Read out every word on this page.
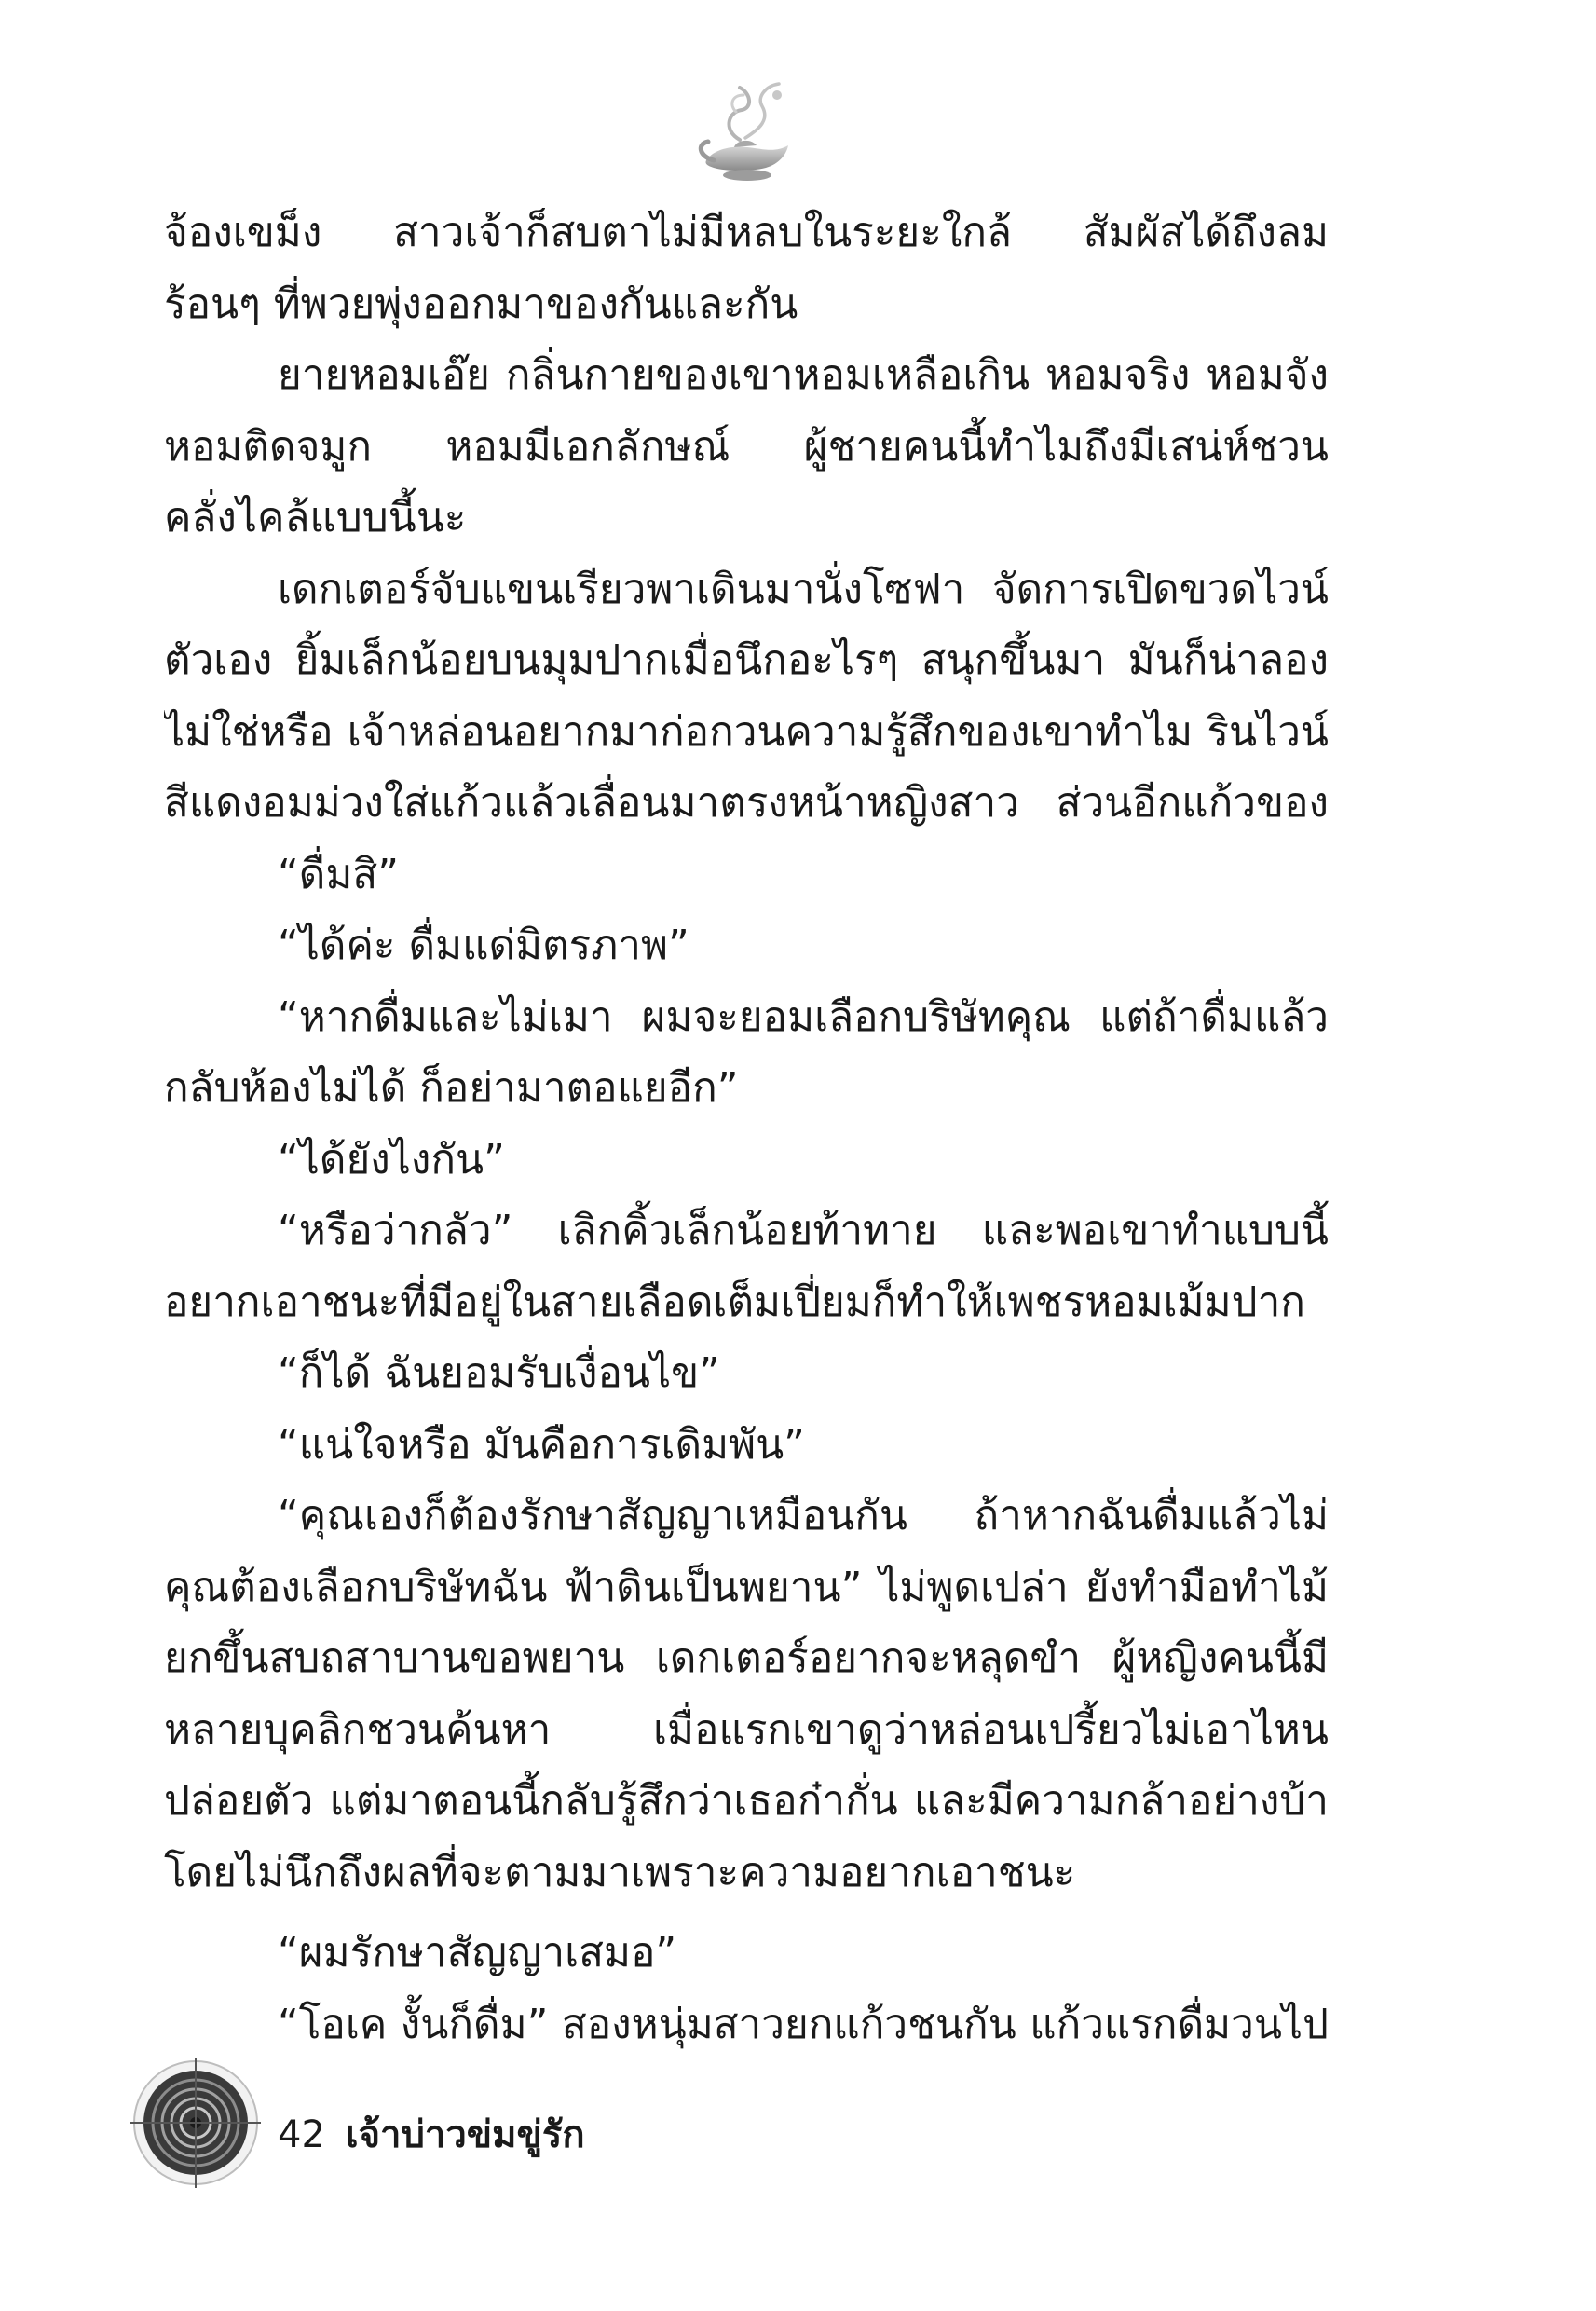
จ้องเขม็ง สาวเจ้าก็สบตาไม่มีหลบในระยะใกล้ สัมผัสได้ถึงลม
ร้อนๆ ที่พวยพุ่งออกมาของกันและกัน
ยายหอมเอ๊ย กลิ่นกายของเขาหอมเหลือเกิน หอมจริง หอมจัง
หอมติดจมูก หอมมีเอกลักษณ์ ผู้ชายคนนี้ทำไมถึงมีเสน่ห์ชวน
คลั่งไคล้แบบนี้นะ
เดกเตอร์จับแขนเรียวพาเดินมานั่งโซฟา จัดการเปิดขวดไวน์
ตัวเอง ยิ้มเล็กน้อยบนมุมปากเมื่อนึกอะไรๆ สนุกขึ้นมา มันก็น่าลอง
ไม่ใช่หรือ เจ้าหล่อนอยากมาก่อกวนความรู้สึกของเขาทำไม รินไวน์
สีแดงอมม่วงใส่แก้วแล้วเลื่อนมาตรงหน้าหญิงสาว ส่วนอีกแก้วของ
“ดื่มสิ”
“ได้ค่ะ ดื่มแด่มิตรภาพ”
“หากดื่มและไม่เมา ผมจะยอมเลือกบริษัทคุณ แต่ถ้าดื่มแล้ว
กลับห้องไม่ได้ ก็อย่ามาตอแยอีก”
“ได้ยังไงกัน”
“หรือว่ากลัว” เลิกคิ้วเล็กน้อยท้าทาย และพอเขาทำแบบนี้
อยากเอาชนะที่มีอยู่ในสายเลือดเต็มเปี่ยมก็ทำให้เพชรหอมเม้มปาก
“ก็ได้ ฉันยอมรับเงื่อนไข”
“แน่ใจหรือ มันคือการเดิมพัน”
“คุณเองก็ต้องรักษาสัญญาเหมือนกัน ถ้าหากฉันดื่มแล้วไม่
คุณต้องเลือกบริษัทฉัน ฟ้าดินเป็นพยาน” ไม่พูดเปล่า ยังทำมือทำไม้
ยกขึ้นสบถสาบานขอพยาน เดกเตอร์อยากจะหลุดขำ ผู้หญิงคนนี้มี
หลายบุคลิกชวนค้นหา เมื่อแรกเขาดูว่าหล่อนเปรี้ยวไม่เอาไหน
ปล่อยตัว แต่มาตอนนี้กลับรู้สึกว่าเธอก๋ากั่น และมีความกล้าอย่างบ้า
โดยไม่นึกถึงผลที่จะตามมาเพราะความอยากเอาชนะ
“ผมรักษาสัญญาเสมอ”
“โอเค งั้นก็ดื่ม” สองหนุ่มสาวยกแก้วชนกัน แก้วแรกดื่มวนไป
42 เจ้าบ่าวข่มขู่รัก
